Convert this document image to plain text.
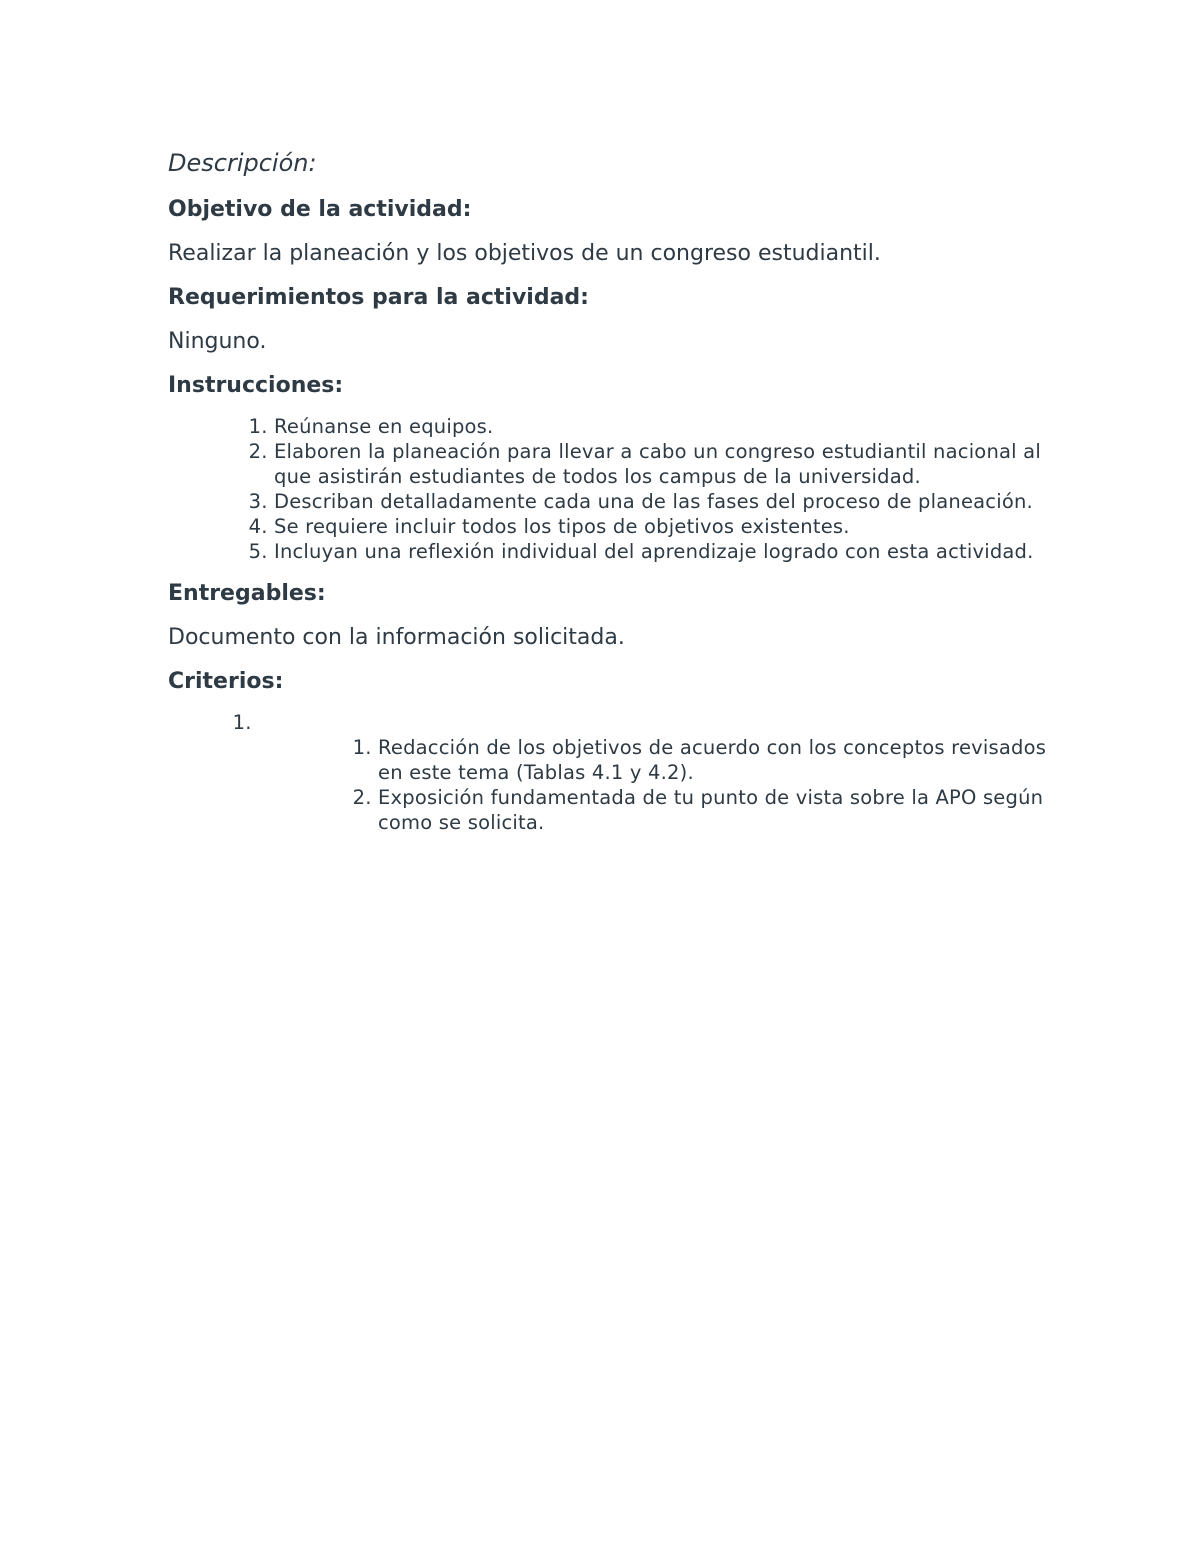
Descripción:

Objetivo de la actividad:

Realizar la planeación y los objetivos de un congreso estudiantil.

Requerimientos para la actividad:

Ninguno.

Instrucciones:

1. Reúnanse en equipos.
2. Elaboren la planeación para llevar a cabo un congreso estudiantil nacional al que asistirán estudiantes de todos los campus de la universidad.
3. Describan detalladamente cada una de las fases del proceso de planeación.
4. Se requiere incluir todos los tipos de objetivos existentes.
5. Incluyan una reflexión individual del aprendizaje logrado con esta actividad.

Entregables:

Documento con la información solicitada.

Criterios:

1. 1. Redacción de los objetivos de acuerdo con los conceptos revisados en este tema (Tablas 4.1 y 4.2).
2. Exposición fundamentada de tu punto de vista sobre la APO según como se solicita.
